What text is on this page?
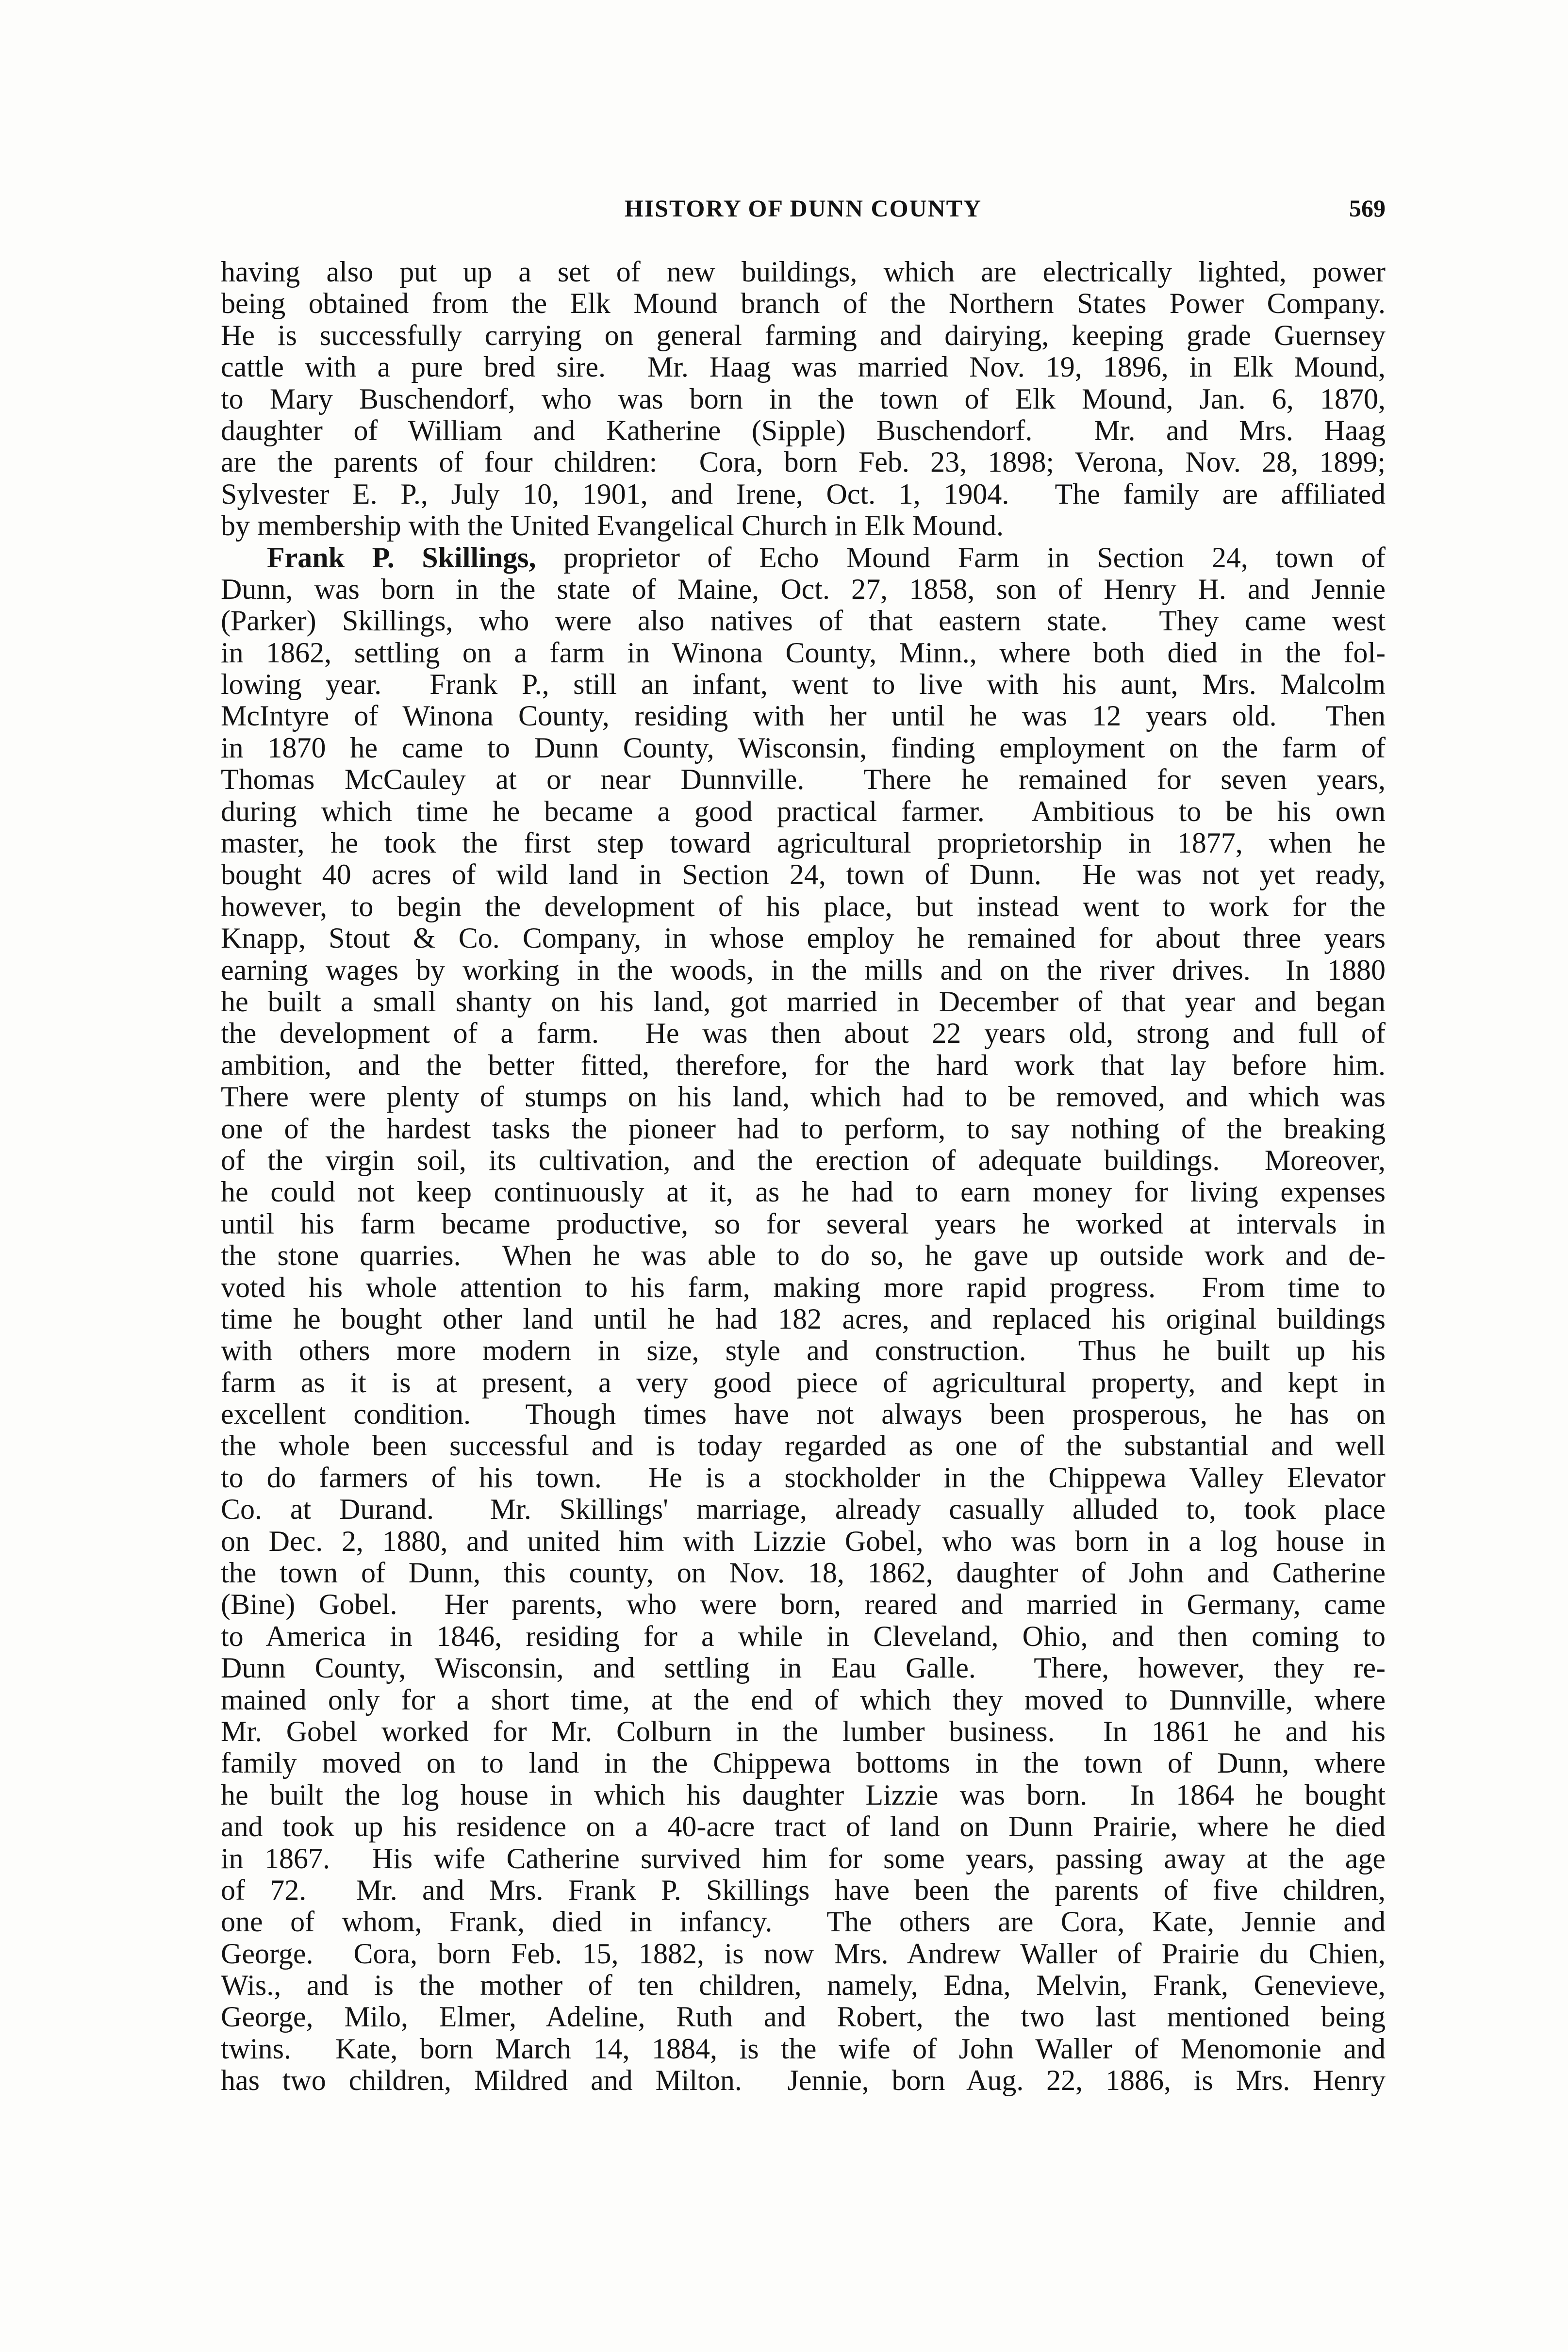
HISTORY OF DUNN COUNTY	569
having also put up a set of new buildings, which are electrically lighted, power
being obtained from the Elk Mound branch of the Northern States Power Company.
He is successfully carrying on general farming and dairying, keeping grade Guernsey
cattle with a pure bred sire.  Mr. Haag was married Nov. 19, 1896, in Elk Mound,
to Mary Buschendorf, who was born in the town of Elk Mound, Jan. 6, 1870,
daughter of William and Katherine (Sipple) Buschendorf.  Mr. and Mrs. Haag
are the parents of four children:  Cora, born Feb. 23, 1898; Verona, Nov. 28, 1899;
Sylvester E. P., July 10, 1901, and Irene, Oct. 1, 1904.  The family are affiliated
by membership with the United Evangelical Church in Elk Mound.
Frank P. Skillings, proprietor of Echo Mound Farm in Section 24, town of
Dunn, was born in the state of Maine, Oct. 27, 1858, son of Henry H. and Jennie
(Parker) Skillings, who were also natives of that eastern state.  They came west
in 1862, settling on a farm in Winona County, Minn., where both died in the fol-
lowing year.  Frank P., still an infant, went to live with his aunt, Mrs. Malcolm
McIntyre of Winona County, residing with her until he was 12 years old.  Then
in 1870 he came to Dunn County, Wisconsin, finding employment on the farm of
Thomas McCauley at or near Dunnville.  There he remained for seven years,
during which time he became a good practical farmer.  Ambitious to be his own
master, he took the first step toward agricultural proprietorship in 1877, when he
bought 40 acres of wild land in Section 24, town of Dunn.  He was not yet ready,
however, to begin the development of his place, but instead went to work for the
Knapp, Stout & Co. Company, in whose employ he remained for about three years
earning wages by working in the woods, in the mills and on the river drives.  In 1880
he built a small shanty on his land, got married in December of that year and began
the development of a farm.  He was then about 22 years old, strong and full of
ambition, and the better fitted, therefore, for the hard work that lay before him.
There were plenty of stumps on his land, which had to be removed, and which was
one of the hardest tasks the pioneer had to perform, to say nothing of the breaking
of the virgin soil, its cultivation, and the erection of adequate buildings.  Moreover,
he could not keep continuously at it, as he had to earn money for living expenses
until his farm became productive, so for several years he worked at intervals in
the stone quarries.  When he was able to do so, he gave up outside work and de-
voted his whole attention to his farm, making more rapid progress.  From time to
time he bought other land until he had 182 acres, and replaced his original buildings
with others more modern in size, style and construction.  Thus he built up his
farm as it is at present, a very good piece of agricultural property, and kept in
excellent condition.  Though times have not always been prosperous, he has on
the whole been successful and is today regarded as one of the substantial and well
to do farmers of his town.  He is a stockholder in the Chippewa Valley Elevator
Co. at Durand.  Mr. Skillings' marriage, already casually alluded to, took place
on Dec. 2, 1880, and united him with Lizzie Gobel, who was born in a log house in
the town of Dunn, this county, on Nov. 18, 1862, daughter of John and Catherine
(Bine) Gobel.  Her parents, who were born, reared and married in Germany, came
to America in 1846, residing for a while in Cleveland, Ohio, and then coming to
Dunn County, Wisconsin, and settling in Eau Galle.  There, however, they re-
mained only for a short time, at the end of which they moved to Dunnville, where
Mr. Gobel worked for Mr. Colburn in the lumber business.  In 1861 he and his
family moved on to land in the Chippewa bottoms in the town of Dunn, where
he built the log house in which his daughter Lizzie was born.  In 1864 he bought
and took up his residence on a 40-acre tract of land on Dunn Prairie, where he died
in 1867.  His wife Catherine survived him for some years, passing away at the age
of 72.  Mr. and Mrs. Frank P. Skillings have been the parents of five children,
one of whom, Frank, died in infancy.  The others are Cora, Kate, Jennie and
George.  Cora, born Feb. 15, 1882, is now Mrs. Andrew Waller of Prairie du Chien,
Wis., and is the mother of ten children, namely, Edna, Melvin, Frank, Genevieve,
George, Milo, Elmer, Adeline, Ruth and Robert, the two last mentioned being
twins.  Kate, born March 14, 1884, is the wife of John Waller of Menomonie and
has two children, Mildred and Milton.  Jennie, born Aug. 22, 1886, is Mrs. Henry
